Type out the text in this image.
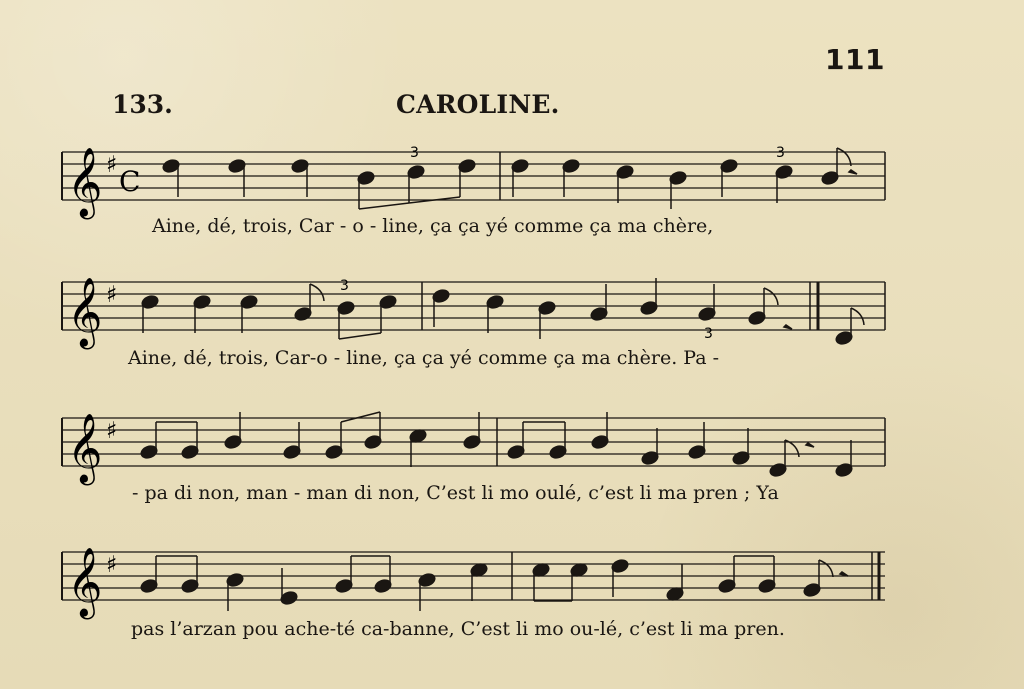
111
133.	CAROLINE.
𝄞 ♯ C
3	3
𝄞 ♯	3
3
𝄞 ♯
𝄞 ♯
Aine, dé, trois, Car - o - line, ça ça yé comme ça ma chère,
Aine, dé, trois, Car-o - line, ça ça yé comme ça ma chère. Pa -
- pa di non, man - man di non, C’est li mo oulé, c’est li ma pren ; Ya
pas l’arzan pou ache-té ca-banne, C’est li mo ou-lé, c’est li ma pren.
